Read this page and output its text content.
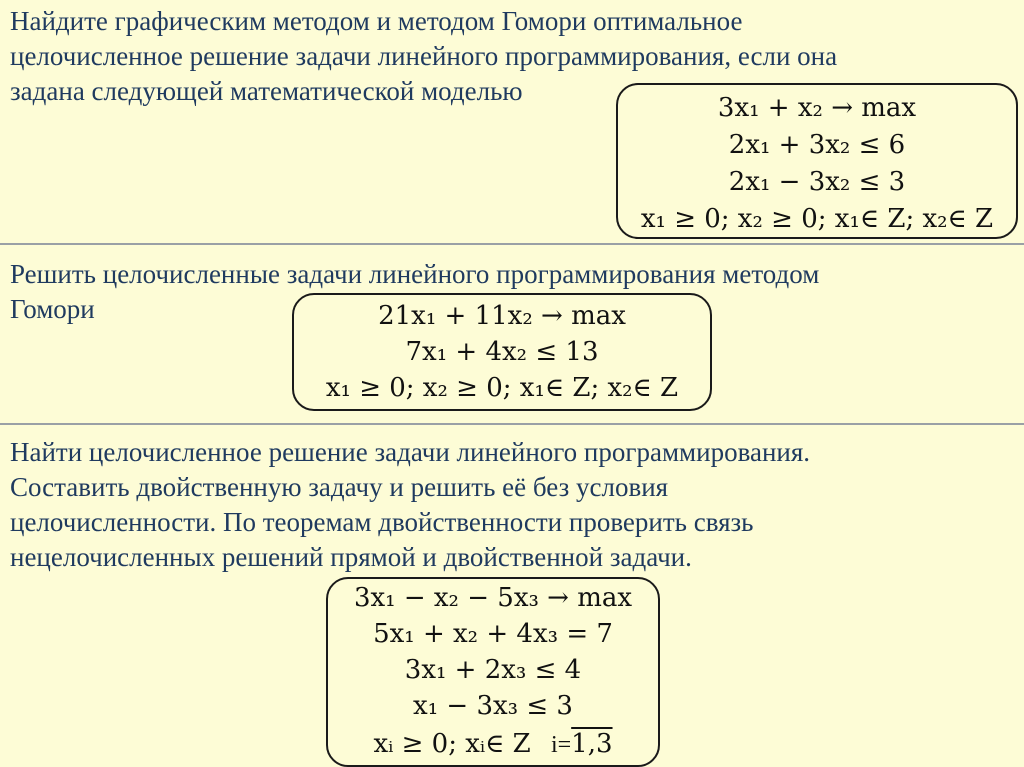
Найдите графическим методом и методом Гомори оптимальное
целочисленное решение задачи линейного программирования, если она
задана следующей математической моделью
3x₁ + x₂ → max
2x₁ + 3x₂ ≤ 6
2x₁ − 3x₂ ≤ 3
x₁ ≥ 0; x₂ ≥ 0; x₁∈ Z; x₂∈ Z
Решить целочисленные задачи линейного программирования методом
Гомори	21x₁ + 11x₂ → max
7x₁ + 4x₂ ≤ 13
x₁ ≥ 0; x₂ ≥ 0; x₁∈ Z; x₂∈ Z
Найти целочисленное решение задачи линейного программирования.
Составить двойственную задачу и решить её без условия
целочисленности. По теоремам двойственности проверить связь
нецелочисленных решений прямой и двойственной задачи.
3x₁ − x₂ − 5x₃ → max
5x₁ + x₂ + 4x₃ = 7
3x₁ + 2x₃ ≤ 4
x₁ − 3x₃ ≤ 3
xᵢ ≥ 0; xᵢ∈ Z i=1,3
